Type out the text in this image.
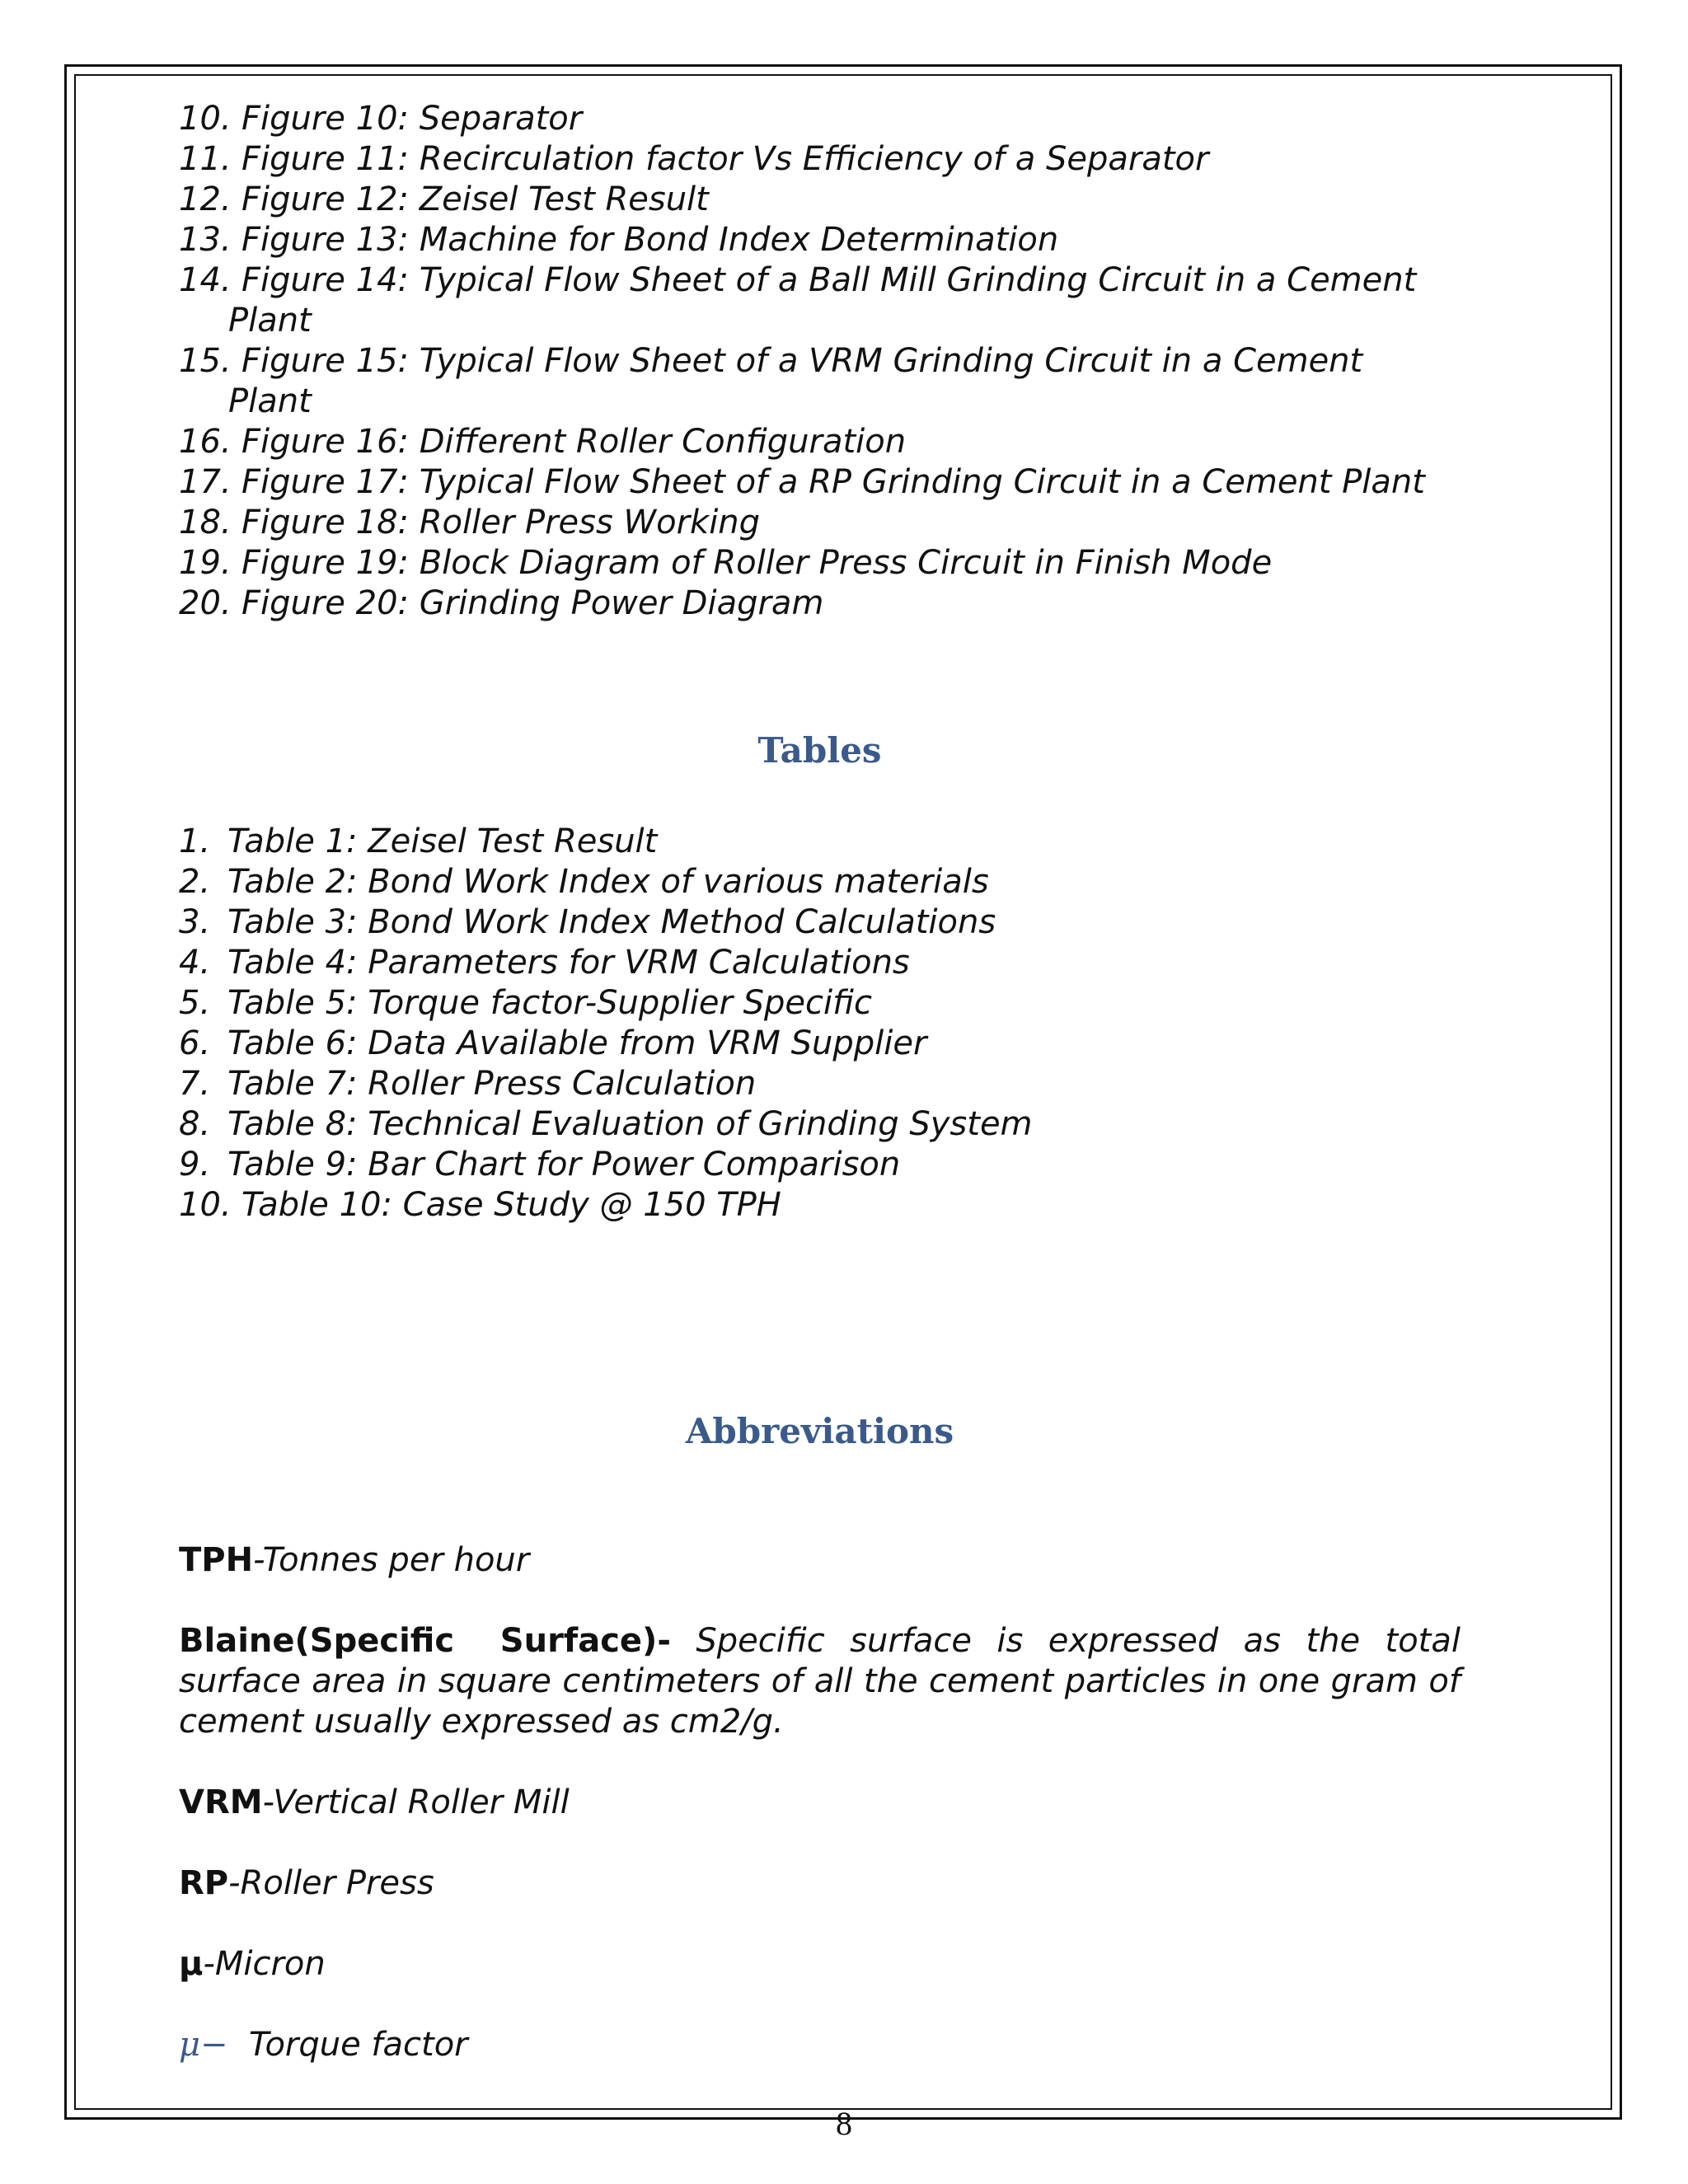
10. Figure 10: Separator
11. Figure 11: Recirculation factor Vs Efficiency of a Separator
12. Figure 12: Zeisel Test Result
13. Figure 13: Machine for Bond Index Determination
14. Figure 14: Typical Flow Sheet of a Ball Mill Grinding Circuit in a Cement
Plant
15. Figure 15: Typical Flow Sheet of a VRM Grinding Circuit in a Cement
Plant
16. Figure 16: Different Roller Configuration
17. Figure 17: Typical Flow Sheet of a RP Grinding Circuit in a Cement Plant
18. Figure 18: Roller Press Working
19. Figure 19: Block Diagram of Roller Press Circuit in Finish Mode
20. Figure 20: Grinding Power Diagram
Tables
1. Table 1: Zeisel Test Result
2. Table 2: Bond Work Index of various materials
3. Table 3: Bond Work Index Method Calculations
4. Table 4: Parameters for VRM Calculations
5. Table 5: Torque factor-Supplier Specific
6. Table 6: Data Available from VRM Supplier
7. Table 7: Roller Press Calculation
8. Table 8: Technical Evaluation of Grinding System
9. Table 9: Bar Chart for Power Comparison
10. Table 10: Case Study @ 150 TPH
Abbreviations

TPH-Tonnes per hour

Blaine(Specific Surface)- Specific surface is expressed as the total surface area in square centimeters of all the cement particles in one gram of cement usually expressed as cm2/g.

VRM-Vertical Roller Mill

RP-Roller Press

µ-Micron

μ− Torque factor

8
